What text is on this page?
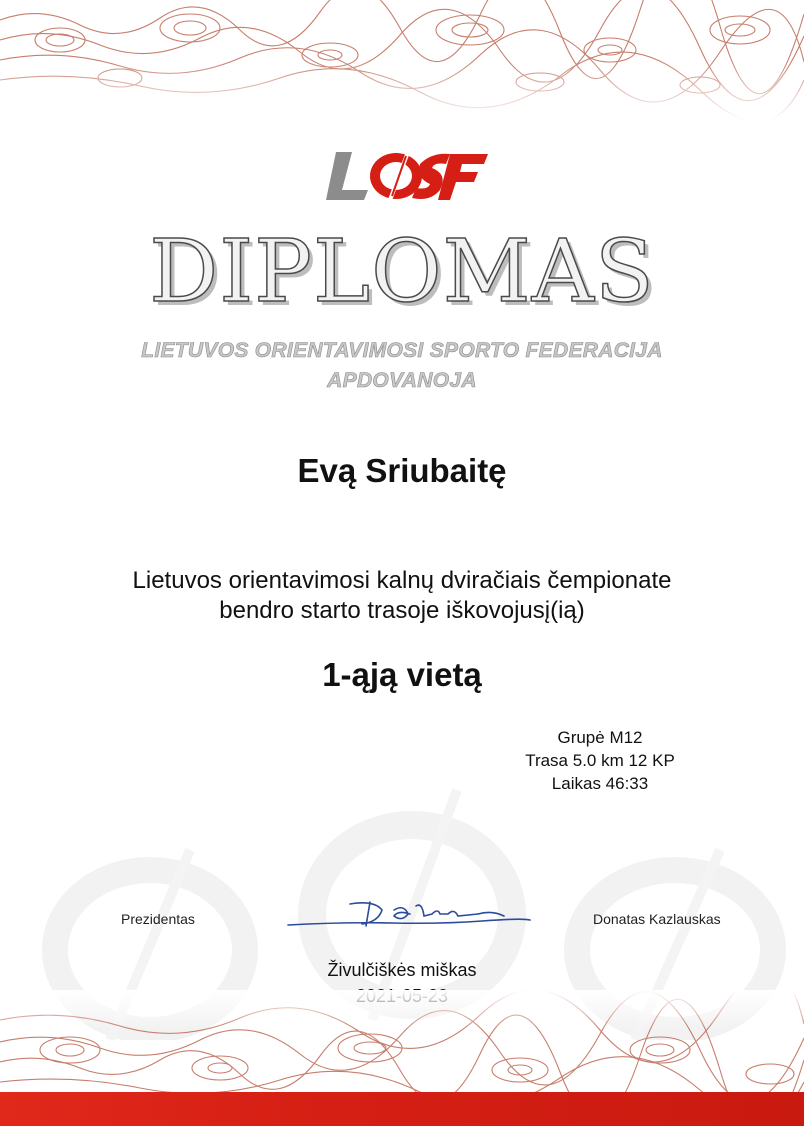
DIPLOMAS
LIETUVOS ORIENTAVIMOSI SPORTO FEDERACIJA
APDOVANOJA
Evą Sriubaitę
Lietuvos orientavimosi kalnų dviračiais čempionate
bendro starto trasoje iškovojusį(ią)
1-ąją vietą
Grupė M12
Trasa 5.0 km 12 KP
Laikas 46:33
Prezidentas	Donatas Kazlauskas
Živulčiškės miškas
